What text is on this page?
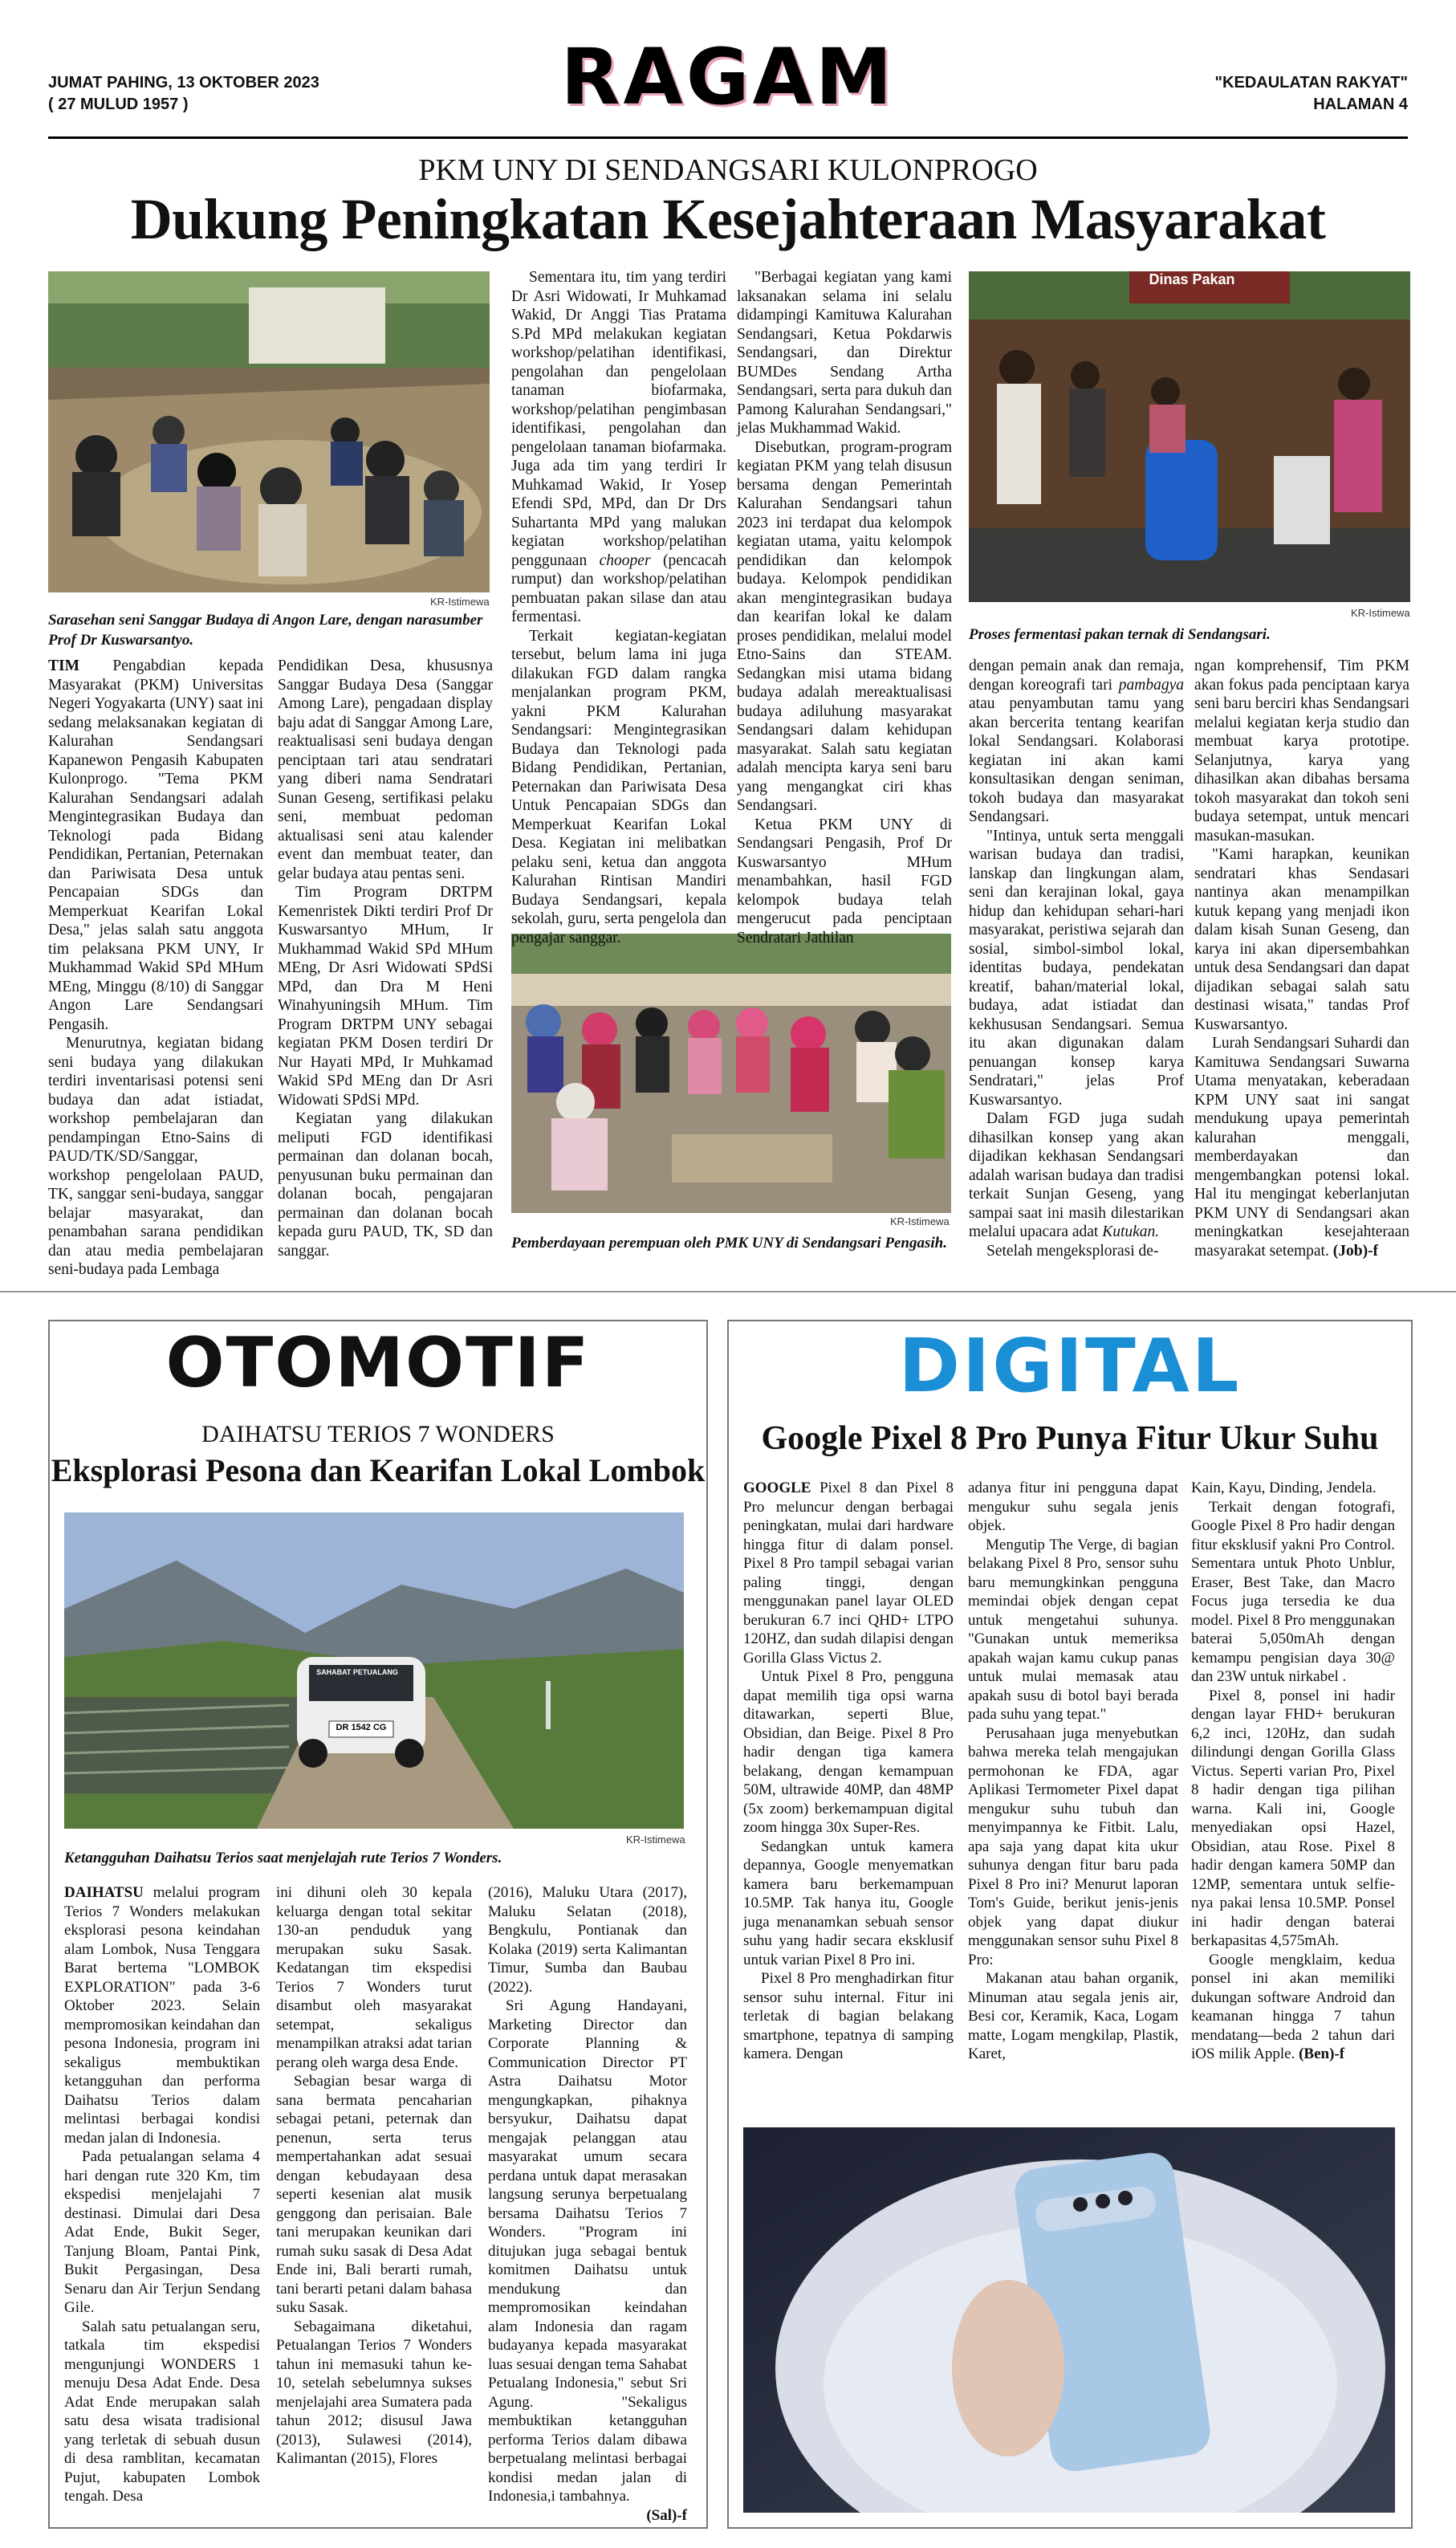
JUMAT PAHING, 13 OKTOBER 2023
( 27 MULUD 1957 )	RAGAM	"KEDAULATAN RAKYAT"
HALAMAN 4
PKM UNY DI SENDANGSARI KULONPROGO
Dukung Peningkatan Kesejahteraan Masyarakat
KR-Istimewa
Sarasehan seni Sanggar Budaya di Angon Lare, dengan narasumber Prof Dr Kuswarsantyo.
Dinas Pakan
KR-Istimewa
Proses fermentasi pakan ternak di Sendangsari.
KR-Istimewa
Pemberdayaan perempuan oleh PMK UNY di Sendangsari Pengasih.

TIM Pengabdian kepada Masyarakat (PKM) Universitas Negeri Yogyakarta (UNY) saat ini sedang melaksanakan kegiatan di Kalurahan Sendangsari Kapanewon Pengasih Kabupaten Kulonprogo. "Tema PKM Kalurahan Sendangsari adalah Mengintegrasikan Budaya dan Teknologi pada Bidang Pendidikan, Pertanian, Peternakan dan Pariwisata Desa untuk Pencapaian SDGs dan Memperkuat Kearifan Lokal Desa," jelas salah satu anggota tim pelaksana PKM UNY, Ir Mukhammad Wakid SPd MHum MEng, Minggu (8/10) di Sanggar Angon Lare Sendangsari Pengasih.

Menurutnya, kegiatan bidang seni budaya yang dilakukan terdiri inventarisasi potensi seni budaya dan adat istiadat, workshop pembelajaran dan pendampingan Etno-Sains di PAUD/TK/SD/Sanggar, workshop pengelolaan PAUD, TK, sanggar seni-budaya, sanggar belajar masyarakat, dan penambahan sarana pendidikan dan atau media pembelajaran seni-budaya pada Lembaga

Pendidikan Desa, khususnya Sanggar Budaya Desa (Sanggar Among Lare), pengadaan display baju adat di Sanggar Among Lare, reaktualisasi seni budaya dengan penciptaan tari atau sendratari yang diberi nama Sendratari Sunan Geseng, sertifikasi pelaku seni, membuat pedoman aktualisasi seni atau kalender event dan membuat teater, dan gelar budaya atau pentas seni.

Tim Program DRTPM Kemenristek Dikti terdiri Prof Dr Kuswarsantyo MHum, Ir Mukhammad Wakid SPd MHum MEng, Dr Asri Widowati SPdSi MPd, dan Dra M Heni Winahyuningsih MHum. Tim Program DRTPM UNY sebagai kegiatan PKM Dosen terdiri Dr Nur Hayati MPd, Ir Muhkamad Wakid SPd MEng dan Dr Asri Widowati SPdSi MPd.

Kegiatan yang dilakukan meliputi FGD identifikasi permainan dan dolanan bocah, penyusunan buku permainan dan dolanan bocah, pengajaran permainan dan dolanan bocah kepada guru PAUD, TK, SD dan sanggar.

Sementara itu, tim yang terdiri Dr Asri Widowati, Ir Muhkamad Wakid, Dr Anggi Tias Pratama S.Pd MPd melakukan kegiatan workshop/pelatihan identifikasi, pengolahan dan pengelolaan tanaman biofarmaka, workshop/pelatihan pengimbasan identifikasi, pengolahan dan pengelolaan tanaman biofarmaka. Juga ada tim yang terdiri Ir Muhkamad Wakid, Ir Yosep Efendi SPd, MPd, dan Dr Drs Suhartanta MPd yang malukan kegiatan workshop/pelatihan penggunaan chooper (pencacah rumput) dan workshop/pelatihan pembuatan pakan silase dan atau fermentasi.

Terkait kegiatan-kegiatan tersebut, belum lama ini juga dilakukan FGD dalam rangka menjalankan program PKM, yakni PKM Kalurahan Sendangsari: Mengintegrasikan Budaya dan Teknologi pada Bidang Pendidikan, Pertanian, Peternakan dan Pariwisata Desa Untuk Pencapaian SDGs dan Memperkuat Kearifan Lokal Desa. Kegiatan ini melibatkan pelaku seni, ketua dan anggota Kalurahan Rintisan Mandiri Budaya Sendangsari, kepala sekolah, guru, serta pengelola dan pengajar sanggar.

"Berbagai kegiatan yang kami laksanakan selama ini selalu didampingi Kamituwa Kalurahan Sendangsari, Ketua Pokdarwis Sendangsari, dan Direktur BUMDes Sendang Artha Sendangsari, serta para dukuh dan Pamong Kalurahan Sendangsari," jelas Mukhammad Wakid.

Disebutkan, program-program kegiatan PKM yang telah disusun bersama dengan Pemerintah Kalurahan Sendangsari tahun 2023 ini terdapat dua kelompok kegiatan utama, yaitu kelompok pendidikan dan kelompok budaya. Kelompok pendidikan akan mengintegrasikan budaya dan kearifan lokal ke dalam proses pendidikan, melalui model Etno-Sains dan STEAM. Sedangkan misi utama bidang budaya adalah mereaktualisasi budaya adiluhung masyarakat Sendangsari dalam kehidupan masyarakat. Salah satu kegiatan adalah mencipta karya seni baru yang mengangkat ciri khas Sendangsari.

Ketua PKM UNY di Sendangsari Pengasih, Prof Dr Kuswarsantyo MHum menambahkan, hasil FGD kelompok budaya telah mengerucut pada penciptaan Sendratari Jathilan

dengan pemain anak dan remaja, dengan koreografi tari pambagya atau penyambutan tamu yang akan bercerita tentang kearifan lokal Sendangsari. Kolaborasi kegiatan ini akan kami konsultasikan dengan seniman, tokoh budaya dan masyarakat Sendangsari.

"Intinya, untuk serta menggali warisan budaya dan tradisi, lanskap dan lingkungan alam, seni dan kerajinan lokal, gaya hidup dan kehidupan sehari-hari masyarakat, peristiwa sejarah dan sosial, simbol-simbol lokal, identitas budaya, pendekatan kreatif, bahan/material lokal, budaya, adat istiadat dan kekhususan Sendangsari. Semua itu akan digunakan dalam penuangan konsep karya Sendratari," jelas Prof Kuswarsantyo.

Dalam FGD juga sudah dihasilkan konsep yang akan dijadikan kekhasan Sendangsari adalah warisan budaya dan tradisi terkait Sunjan Geseng, yang sampai saat ini masih dilestarikan melalui upacara adat Kutukan.

Setelah mengeksplorasi de-

ngan komprehensif, Tim PKM akan fokus pada penciptaan karya seni baru berciri khas Sendangsari melalui kegiatan kerja studio dan membuat karya prototipe. Selanjutnya, karya yang dihasilkan akan dibahas bersama tokoh masyarakat dan tokoh seni budaya setempat, untuk mencari masukan-masukan.

"Kami harapkan, keunikan sendratari khas Sendasari nantinya akan menampilkan kutuk kepang yang menjadi ikon dalam kisah Sunan Geseng, dan karya ini akan dipersembahkan untuk desa Sendangsari dan dapat dijadikan sebagai salah satu destinasi wisata," tandas Prof Kuswarsantyo.

Lurah Sendangsari Suhardi dan Kamituwa Sendangsari Suwarna Utama menyatakan, keberadaan KPM UNY saat ini sangat mendukung upaya pemerintah kalurahan menggali, memberdayakan dan mengembangkan potensi lokal. Hal itu mengingat keberlanjutan PKM UNY di Sendangsari akan meningkatkan kesejahteraan masyarakat setempat. (Job)-f

OTOMOTIF
DAIHATSU TERIOS 7 WONDERS
Eksplorasi Pesona dan Kearifan Lokal Lombok
SAHABAT PETUALANG
DR 1542 CG
KR-Istimewa
Ketangguhan Daihatsu Terios saat menjelajah rute Terios 7 Wonders.

DAIHATSU melalui program Terios 7 Wonders melakukan eksplorasi pesona keindahan alam Lombok, Nusa Tenggara Barat bertema "LOMBOK EXPLORATION" pada 3-6 Oktober 2023. Selain mempromosikan keindahan dan pesona Indonesia, program ini sekaligus membuktikan ketangguhan dan performa Daihatsu Terios dalam melintasi berbagai kondisi medan jalan di Indonesia.

Pada petualangan selama 4 hari dengan rute 320 Km, tim ekspedisi menjelajahi 7 destinasi. Dimulai dari Desa Adat Ende, Bukit Seger, Tanjung Bloam, Pantai Pink, Bukit Pergasingan, Desa Senaru dan Air Terjun Sendang Gile.

Salah satu petualangan seru, tatkala tim ekspedisi mengunjungi WONDERS 1 menuju Desa Adat Ende. Desa Adat Ende merupakan salah satu desa wisata tradisional yang terletak di sebuah dusun di desa ramblitan, kecamatan Pujut, kabupaten Lombok tengah. Desa

ini dihuni oleh 30 kepala keluarga dengan total sekitar 130-an penduduk yang merupakan suku Sasak. Kedatangan tim ekspedisi Terios 7 Wonders turut disambut oleh masyarakat setempat, sekaligus menampilkan atraksi adat tarian perang oleh warga desa Ende.

Sebagian besar warga di sana bermata pencaharian sebagai petani, peternak dan penenun, serta terus mempertahankan adat sesuai dengan kebudayaan desa seperti kesenian alat musik genggong dan perisaian. Bale tani merupakan keunikan dari rumah suku sasak di Desa Adat Ende ini, Bali berarti rumah, tani berarti petani dalam bahasa suku Sasak.

Sebagaimana diketahui, Petualangan Terios 7 Wonders tahun ini memasuki tahun ke-10, setelah sebelumnya sukses menjelajahi area Sumatera pada tahun 2012; disusul Jawa (2013), Sulawesi (2014), Kalimantan (2015), Flores

(2016), Maluku Utara (2017), Maluku Selatan (2018), Bengkulu, Pontianak dan Kolaka (2019) serta Kalimantan Timur, Sumba dan Baubau (2022).

Sri Agung Handayani, Marketing Director dan Corporate Planning & Communication Director PT Astra Daihatsu Motor mengungkapkan, pihaknya bersyukur, Daihatsu dapat mengajak pelanggan atau masyarakat umum secara perdana untuk dapat merasakan langsung serunya berpetualang bersama Daihatsu Terios 7 Wonders. "Program ini ditujukan juga sebagai bentuk komitmen Daihatsu untuk mendukung dan mempromosikan keindahan alam Indonesia dan ragam budayanya kepada masyarakat luas sesuai dengan tema Sahabat Petualang Indonesia," sebut Sri Agung. "Sekaligus membuktikan ketangguhan performa Terios dalam dibawa berpetualang melintasi berbagai kondisi medan jalan di Indonesia,i tambahnya.

(Sal)-f

DIGITAL
Google Pixel 8 Pro Punya Fitur Ukur Suhu

GOOGLE Pixel 8 dan Pixel 8 Pro meluncur dengan berbagai peningkatan, mulai dari hardware hingga fitur di dalam ponsel. Pixel 8 Pro tampil sebagai varian paling tinggi, dengan menggunakan panel layar OLED berukuran 6.7 inci QHD+ LTPO 120HZ, dan sudah dilapisi dengan Gorilla Glass Victus 2.

Untuk Pixel 8 Pro, pengguna dapat memilih tiga opsi warna ditawarkan, seperti Blue, Obsidian, dan Beige. Pixel 8 Pro hadir dengan tiga kamera belakang, dengan kemampuan 50M, ultrawide 40MP, dan 48MP (5x zoom) berkemampuan digital zoom hingga 30x Super-Res.

Sedangkan untuk kamera depannya, Google menyematkan kamera baru berkemampuan 10.5MP. Tak hanya itu, Google juga menanamkan sebuah sensor suhu yang hadir secara eksklusif untuk varian Pixel 8 Pro ini.

Pixel 8 Pro menghadirkan fitur sensor suhu internal. Fitur ini terletak di bagian belakang smartphone, tepatnya di samping kamera. Dengan

adanya fitur ini pengguna dapat mengukur suhu segala jenis objek.

Mengutip The Verge, di bagian belakang Pixel 8 Pro, sensor suhu baru memungkinkan pengguna memindai objek dengan cepat untuk mengetahui suhunya. "Gunakan untuk memeriksa apakah wajan kamu cukup panas untuk mulai memasak atau apakah susu di botol bayi berada pada suhu yang tepat."

Perusahaan juga menyebutkan bahwa mereka telah mengajukan permohonan ke FDA, agar Aplikasi Termometer Pixel dapat mengukur suhu tubuh dan menyimpannya ke Fitbit. Lalu, apa saja yang dapat kita ukur suhunya dengan fitur baru pada Pixel 8 Pro ini? Menurut laporan Tom's Guide, berikut jenis-jenis objek yang dapat diukur menggunakan sensor suhu Pixel 8 Pro:

Makanan atau bahan organik, Minuman atau segala jenis air, Besi cor, Keramik, Kaca, Logam matte, Logam mengkilap, Plastik, Karet,

Kain, Kayu, Dinding, Jendela.

Terkait dengan fotografi, Google Pixel 8 Pro hadir dengan fitur eksklusif yakni Pro Control. Sementara untuk Photo Unblur, Eraser, Best Take, dan Macro Focus juga tersedia ke dua model. Pixel 8 Pro menggunakan baterai 5,050mAh dengan kemampu pengisian daya 30@ dan 23W untuk nirkabel .

Pixel 8, ponsel ini hadir dengan layar FHD+ berukuran 6,2 inci, 120Hz, dan sudah dilindungi dengan Gorilla Glass Victus. Seperti varian Pro, Pixel 8 hadir dengan tiga pilihan warna. Kali ini, Google menyediakan opsi Hazel, Obsidian, atau Rose. Pixel 8 hadir dengan kamera 50MP dan 12MP, sementara untuk selfie-nya pakai lensa 10.5MP. Ponsel ini hadir dengan baterai berkapasitas 4,575mAh.

Google mengklaim, kedua ponsel ini akan memiliki dukungan software Android dan keamanan hingga 7 tahun mendatang—beda 2 tahun dari iOS milik Apple. (Ben)-f
